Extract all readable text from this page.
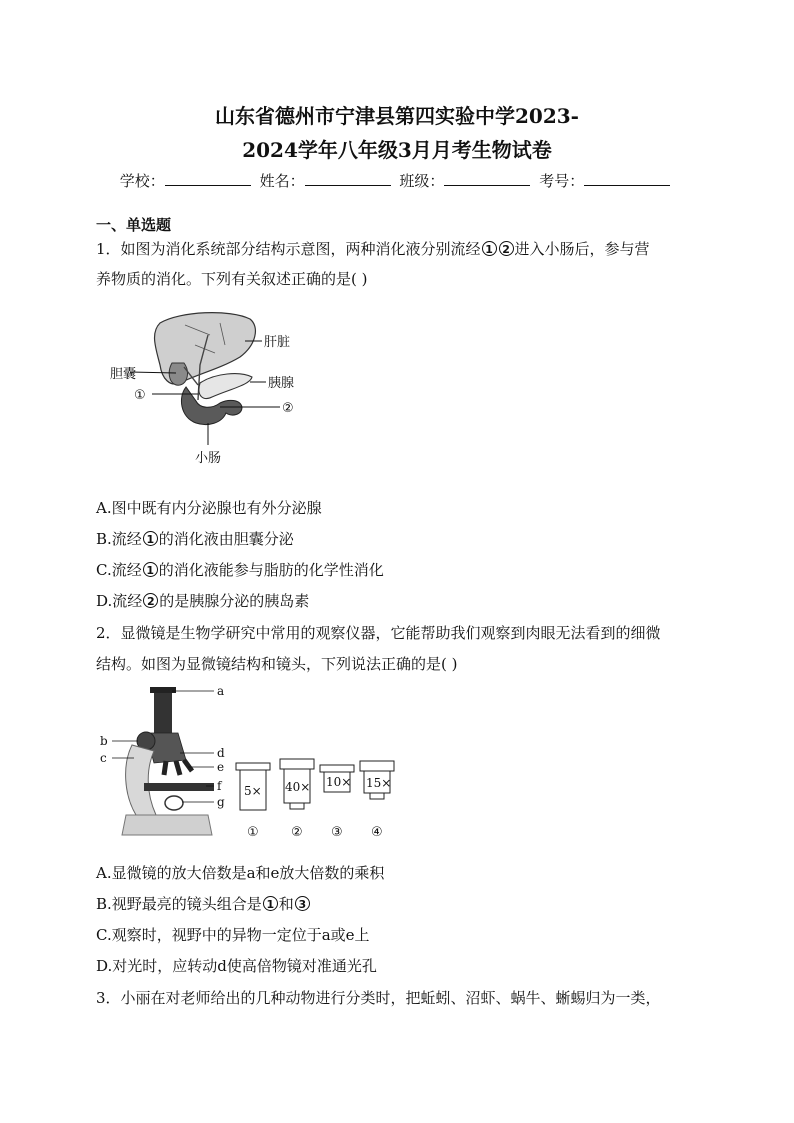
山东省德州市宁津县第四实验中学2023-
2024学年八年级3月月考生物试卷
学校：	姓名：	班级：	考号：
一、单选题
1．如图为消化系统部分结构示意图，两种消化液分别流经 1 2 进入小肠后，参与营
养物质的消化。下列有关叙述正确的是( )
肝脏
胆囊
胰腺
①
②
小肠
A.图中既有内分泌腺也有外分泌腺
B.流经 1 的消化液由胆囊分泌
C.流经 1 的消化液能参与脂肪的化学性消化
D.流经 2 的是胰腺分泌的胰岛素
2．显微镜是生物学研究中常用的观察仪器，它能帮助我们观察到肉眼无法看到的细微
结构。如图为显微镜结构和镜头，下列说法正确的是( )
a
b
c	d
e
f
g
5× 40× 10× 15×
① ② ③ ④
A.显微镜的放大倍数是a和e放大倍数的乘积
B.视野最亮的镜头组合是 1 和 3
C.观察时，视野中的异物一定位于a或e上
D.对光时，应转动d使高倍物镜对准通光孔
3．小丽在对老师给出的几种动物进行分类时，把蚯蚓、沼虾、蜗牛、蜥蜴归为一类，
